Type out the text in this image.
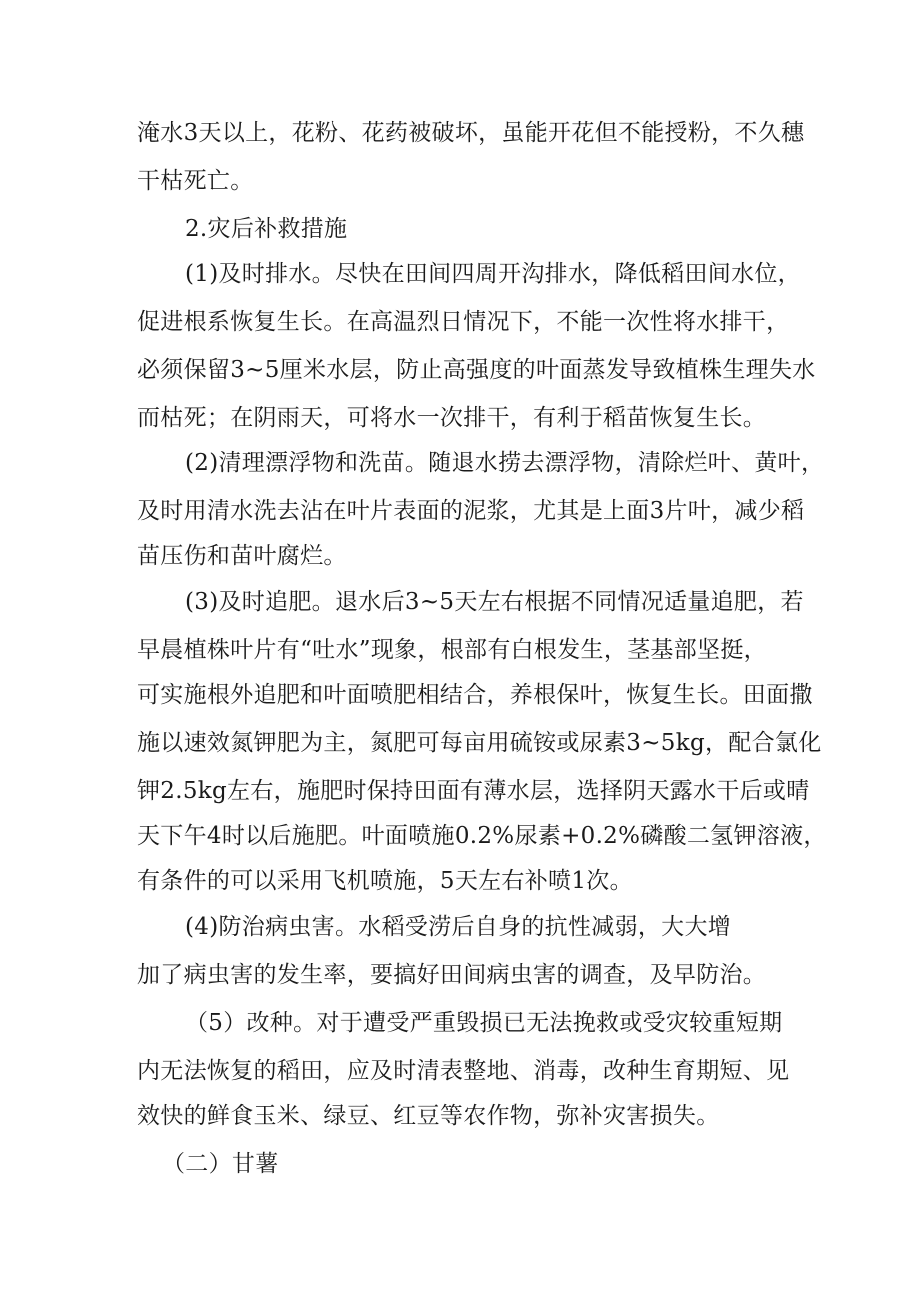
淹水3天以上，花粉、花药被破坏，虽能开花但不能授粉，不久穗
干枯死亡。
2.灾后补救措施
(1)及时排水。尽快在田间四周开沟排水，降低稻田间水位，
促进根系恢复生长。在高温烈日情况下，不能一次性将水排干，
必须保留3~5厘米水层，防止高强度的叶面蒸发导致植株生理失水
而枯死；在阴雨天，可将水一次排干，有利于稻苗恢复生长。
(2)清理漂浮物和洗苗。随退水捞去漂浮物，清除烂叶、黄叶，
及时用清水洗去沾在叶片表面的泥浆，尤其是上面3片叶，减少稻
苗压伤和苗叶腐烂。
(3)及时追肥。退水后3~5天左右根据不同情况适量追肥，若
早晨植株叶片有“吐水”现象，根部有白根发生，茎基部坚挺，
可实施根外追肥和叶面喷肥相结合，养根保叶，恢复生长。田面撒
施以速效氮钾肥为主，氮肥可每亩用硫铵或尿素3~5kg，配合氯化
钾2.5kg左右，施肥时保持田面有薄水层，选择阴天露水干后或晴
天下午4时以后施肥。叶面喷施0.2%尿素+0.2%磷酸二氢钾溶液，
有条件的可以采用飞机喷施，5天左右补喷1次。
(4)防治病虫害。水稻受涝后自身的抗性减弱，大大增
加了病虫害的发生率，要搞好田间病虫害的调查，及早防治。
（5）改种。对于遭受严重毁损已无法挽救或受灾较重短期
内无法恢复的稻田，应及时清表整地、消毒，改种生育期短、见
效快的鲜食玉米、绿豆、红豆等农作物，弥补灾害损失。
（二）甘薯
